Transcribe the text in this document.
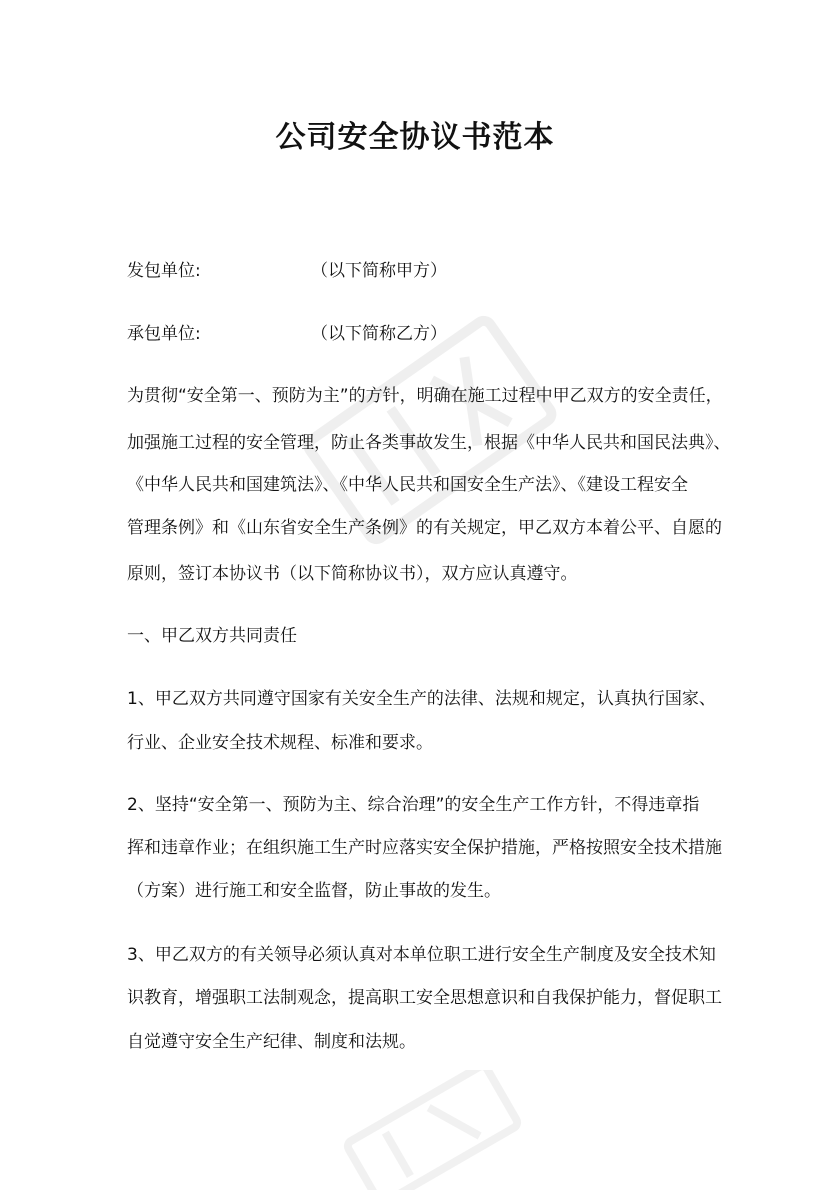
公司安全协议书范本

发包单位:	（以下简称甲方）

承包单位:	（以下简称乙方）

为贯彻“安全第一、预防为主”的方针，明确在施工过程中甲乙双方的安全责任，

加强施工过程的安全管理，防止各类事故发生，根据《中华人民共和国民法典》、

《中华人民共和国建筑法》、《中华人民共和国安全生产法》、《建设工程安全

管理条例》和《山东省安全生产条例》的有关规定，甲乙双方本着公平、自愿的

原则，签订本协议书（以下简称协议书），双方应认真遵守。

一、甲乙双方共同责任

1、甲乙双方共同遵守国家有关安全生产的法律、法规和规定，认真执行国家、

行业、企业安全技术规程、标准和要求。

2、坚持“安全第一、预防为主、综合治理”的安全生产工作方针，不得违章指

挥和违章作业；在组织施工生产时应落实安全保护措施，严格按照安全技术措施

（方案）进行施工和安全监督，防止事故的发生。

3、甲乙双方的有关领导必须认真对本单位职工进行安全生产制度及安全技术知

识教育，增强职工法制观念，提高职工安全思想意识和自我保护能力，督促职工

自觉遵守安全生产纪律、制度和法规。
